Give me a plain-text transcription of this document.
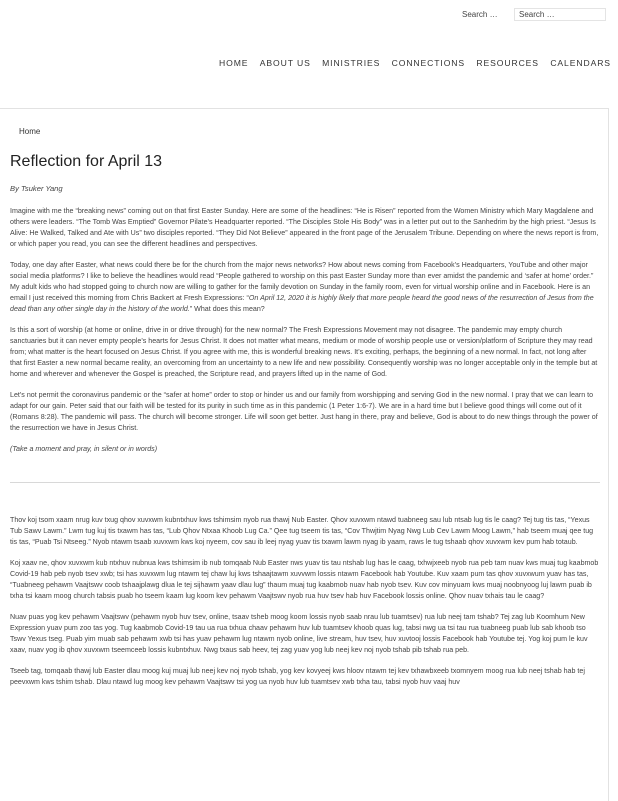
Search …
Search …
HOME ABOUT US MINISTRIES CONNECTIONS RESOURCES CALENDARS
Home
Reflection for April 13
By Tsuker Yang

Imagine with me the “breaking news” coming out on that first Easter Sunday. Here are some of the headlines: “He is Risen” reported from the Women Ministry which Mary Magdalene and others were leaders. “The Tomb Was Emptied” Governor Pilate’s Headquarter reported. “The Disciples Stole His Body” was in a letter put out to the Sanhedrim by the high priest. “Jesus Is Alive: He Walked, Talked and Ate with Us” two disciples reported. “They Did Not Believe” appeared in the front page of the Jerusalem Tribune. Depending on where the news report is from, or which paper you read, you can see the different headlines and perspectives.

Today, one day after Easter, what news could there be for the church from the major news networks? How about news coming from Facebook’s Headquarters, YouTube and other major social media platforms? I like to believe the headlines would read “People gathered to worship on this past Easter Sunday more than ever amidst the pandemic and ‘safer at home’ order.” My adult kids who had stopped going to church now are willing to gather for the family devotion on Sunday in the family room, even for virtual worship online and in Facebook. Here is an email I just received this morning from Chris Backert at Fresh Expressions: “On April 12, 2020 it is highly likely that more people heard the good news of the resurrection of Jesus from the dead than any other single day in the history of the world.” What does this mean?

Is this a sort of worship (at home or online, drive in or drive through) for the new normal? The Fresh Expressions Movement may not disagree. The pandemic may empty church sanctuaries but it can never empty people’s hearts for Jesus Christ. It does not matter what means, medium or mode of worship people use or version/platform of Scripture they may read from; what matter is the heart focused on Jesus Christ. If you agree with me, this is wonderful breaking news. It’s exciting, perhaps, the beginning of a new normal. In fact, not long after that first Easter a new normal became reality, an overcoming from an uncertainty to a new life and new possibility. Consequently worship was no longer acceptable only in the temple but at home and wherever and whenever the Gospel is preached, the Scripture read, and prayers lifted up in the name of God.

Let’s not permit the coronavirus pandemic or the “safer at home” order to stop or hinder us and our family from worshipping and serving God in the new normal. I pray that we can learn to adapt for our gain. Peter said that our faith will be tested for its purity in such time as in this pandemic (1 Peter 1:6-7). We are in a hard time but I believe good things will come out of it (Romans 8:28). The pandemic will pass. The church will become stronger. Life will soon get better. Just hang in there, pray and believe, God is about to do new things through the power of the resurrection we have in Jesus Christ.

(Take a moment and pray, in silent or in words)

Thov koj tsom xaam nrug kuv txug qhov xuvxwm kubntxhuv kws tshimsim nyob rua thawj Nub Easter. Qhov xuvxwm ntawd tuabneeg sau lub ntsab lug tis le caag? Tej tug tis tas, “Yexus Tub Sawv Lawm.” Lwm tug kuj tis txawm has tas, “Lub Qhov Ntxaa Khoob Lug Ca.” Qee tug tseem tis tas, “Cov Thwjtim Nyag Nwg Lub Cev Lawm Moog Lawm,” hab tseem muaj qee tug tis tas, “Puab Tsi Ntseeg.” Nyob ntawm tsaab xuvxwm kws koj nyeem, cov sau ib leej nyag yuav tis txawm lawm nyag ib yaam, raws le tug tshaab qhov xuvxwm kev pum hab totaub.

Koj xaav ne, qhov xuvxwm kub ntxhuv nubnua kws tshimsim ib nub tomqaab Nub Easter nws yuav tis tau ntshab lug has le caag, txhwjxeeb nyob rua peb tam nuav kws muaj tug kaabmob Covid-19 hab peb nyob tsev xwb; tsi has xuvxwm lug ntawm tej chaw luj kws tshaajtawm xuvvwm lossis ntawm Facebook hab Youtube. Kuv xaam pum tas qhov xuvxwum yuav has tas, “Tuabneeg pehawm Vaajtswv coob tshaajplawg dlua le tej sijhawm yaav dlau lug” thaum muaj tug kaabmob nuav hab nyob tsev. Kuv cov minyuam kws muaj noobnyoog luj lawm puab ib txha tsi kaam moog church tabsis puab ho tseem kaam lug koom kev pehawm Vaajtswv nyob rua huv tsev hab huv Facebook lossis online. Qhov nuav txhais tau le caag?

Nuav puas yog kev pehawm Vaajtswv (pehawm nyob huv tsev, online, tsaav tsheb moog koom lossis nyob saab nrau lub tuamtsev) rua lub neej tam tshab? Tej zag lub Koomhum New Expression yuav pum zoo tas yog. Tug kaabmob Covid-19 tau ua rua txhua chaav pehawm huv lub tuamtsev khoob quas lug, tabsi nwg ua tsi tau rua tuabneeg puab lub sab khoob tso Tswv Yexus tseg. Puab yim muab sab pehawm xwb tsi has yuav pehawm lug ntawm nyob online, live stream, huv tsev, huv xuvtooj lossis Facebook hab Youtube tej. Yog koj pum le kuv xaav, nuav yog ib qhov xuvxwm tseemceeb lossis kubntxhuv. Nwg txaus sab heev, tej zag yuav yog lub neej kev noj nyob tshab pib tshab rua peb.

Tseeb tag, tomqaab thawj lub Easter dlau moog kuj muaj lub neej kev noj nyob tshab, yog kev kovyeej kws hloov ntawm tej kev txhawbxeeb txomnyem moog rua lub neej tshab hab tej peevxwm kws tshim tshab. Dlau ntawd lug moog kev pehawm Vaajtswv tsi yog ua nyob huv lub tuamtsev xwb txha tau, tabsi nyob huv vaaj huv
